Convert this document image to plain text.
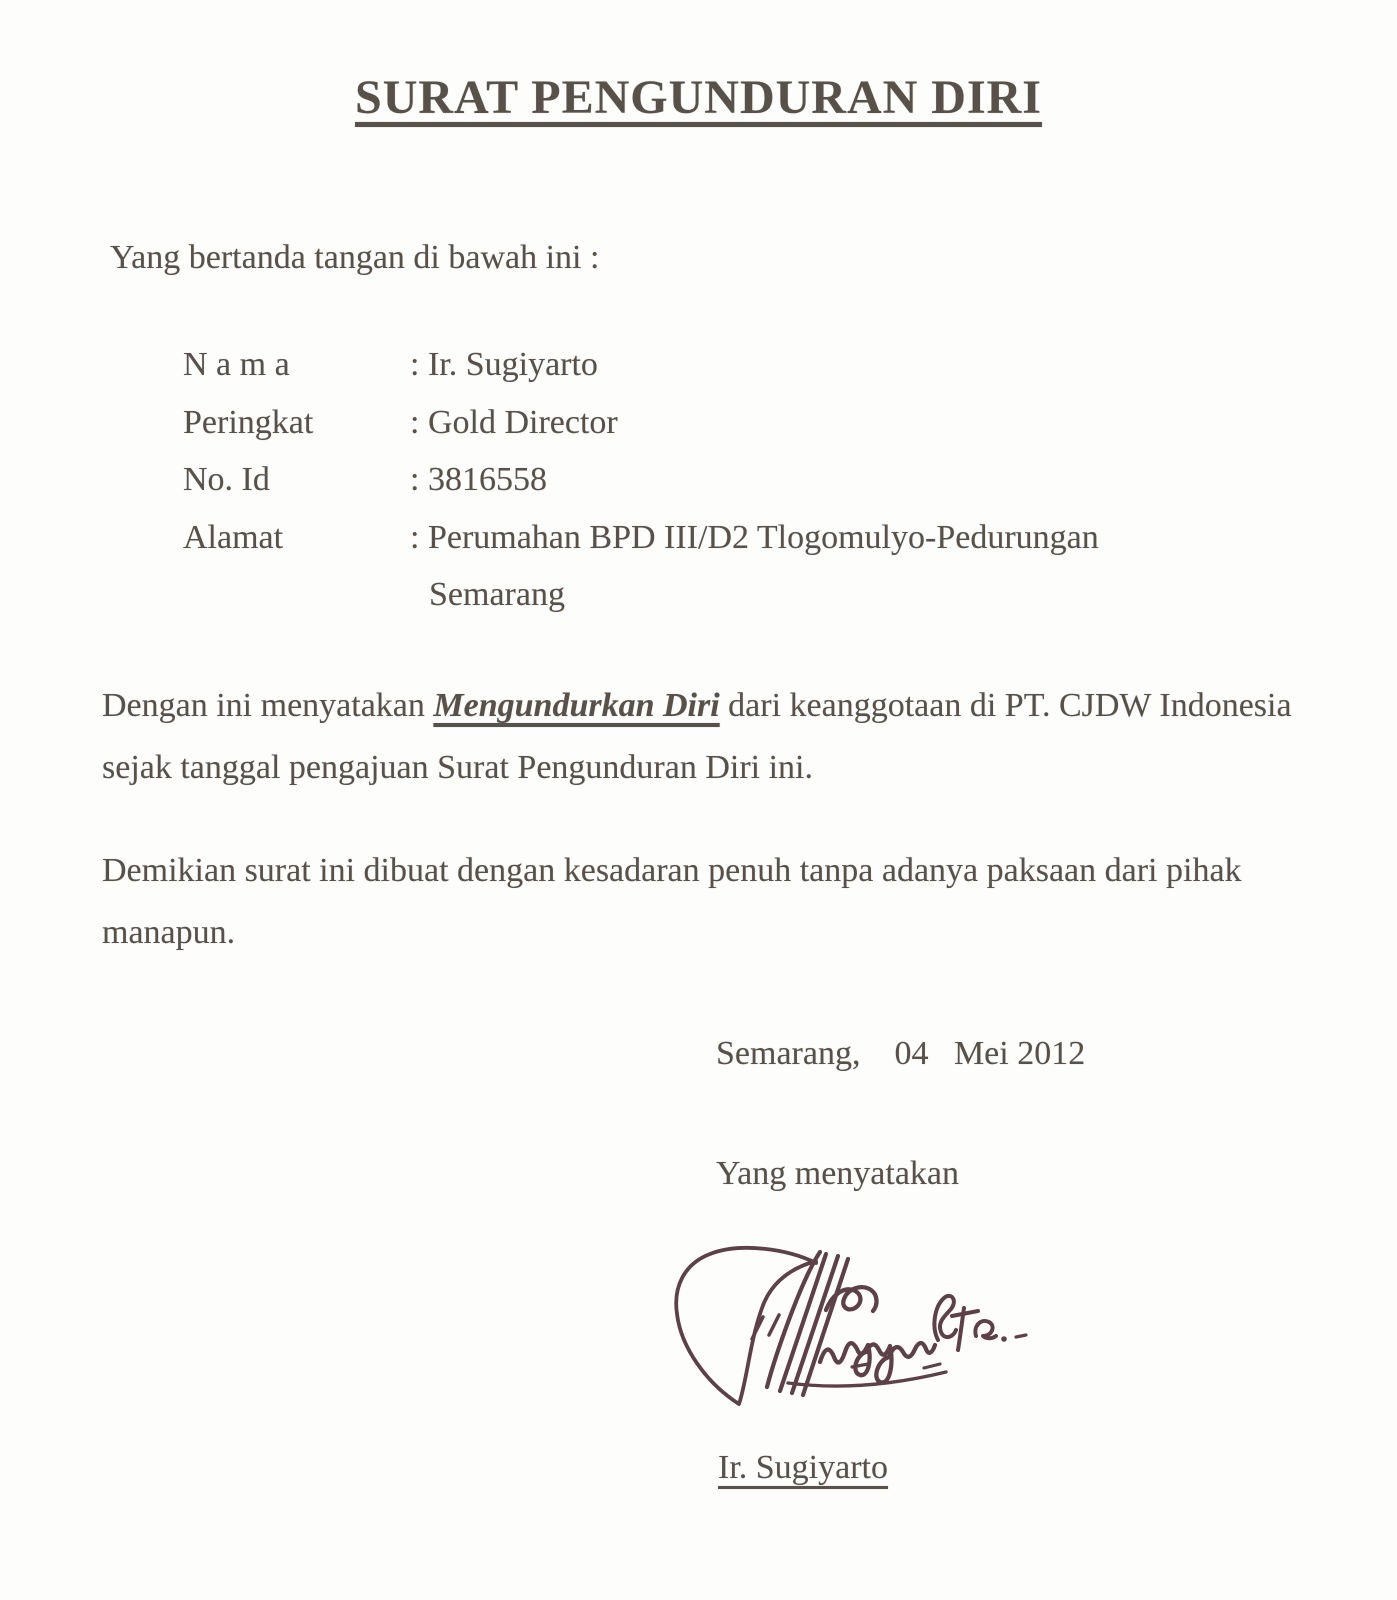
SURAT PENGUNDURAN DIRI

Yang bertanda tangan di bawah ini :

N a m a	: Ir. Sugiyarto
Peringkat	: Gold Director
No. Id	: 3816558
Alamat	: Perumahan BPD III/D2 Tlogomulyo-Pedurungan
Semarang

Dengan ini menyatakan Mengundurkan Diri dari keanggotaan di PT. CJDW Indonesia sejak tanggal pengajuan Surat Pengunduran Diri ini.

Demikian surat ini dibuat dengan kesadaran penuh tanpa adanya paksaan dari pihak manapun.

Semarang,    04   Mei 2012

Yang menyatakan

Ir. Sugiyarto
